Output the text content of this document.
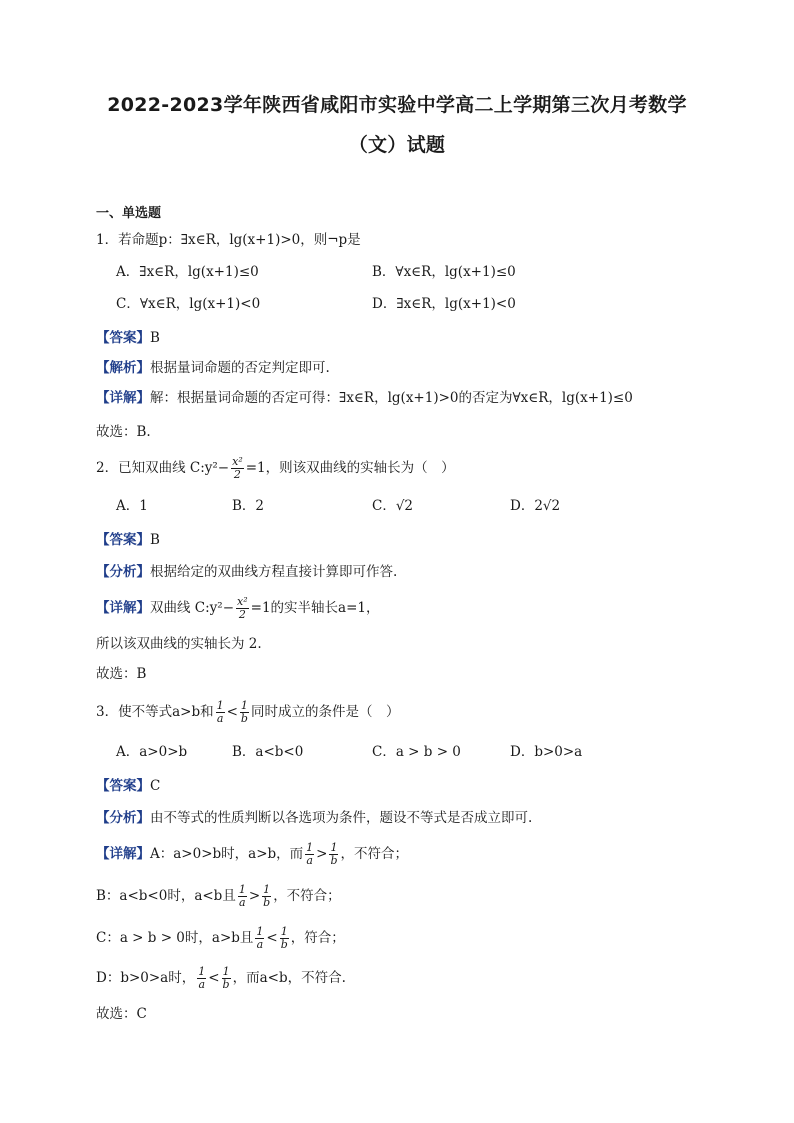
2022-2023学年陕西省咸阳市实验中学高二上学期第三次月考数学
（文）试题
一、单选题
1．若命题p：∃x∈R，lg(x+1)>0，则¬p是
A．∃x∈R，lg(x+1)≤0	B．∀x∈R，lg(x+1)≤0
C．∀x∈R，lg(x+1)<0	D．∃x∈R，lg(x+1)<0
【答案】B
【解析】根据量词命题的否定判定即可.
【详解】解：根据量词命题的否定可得：∃x∈R，lg(x+1)>0的否定为∀x∈R，lg(x+1)≤0
故选：B.
2．已知双曲线 C:y²− $\frac{\text{x²}}{2} =1$，则该双曲线的实轴长为（　）
A．1	B．2	C．√2	D．2√2
【答案】B
【分析】根据给定的双曲线方程直接计算即可作答.
【详解】双曲线 C:y²− $\frac{\text{x²}}{2} =1$的实半轴长a=1，
所以该双曲线的实轴长为 2.
故选：B
3．使不等式a>b和 $\frac{1}{a} < \frac{1}{b}$ 同时成立的条件是（　）
A．a>0>b	B．a<b<0	C．a > b > 0	D．b>0>a
【答案】C
【分析】由不等式的性质判断以各选项为条件，题设不等式是否成立即可.
【详解】A：a>0>b时，a>b，而 $\frac{1}{a} > \frac{1}{b}$ ，不符合；
B：a<b<0时，a<b且 $\frac{1}{a} > \frac{1}{b}$ ，不符合；
C：a > b > 0时，a>b且 $\frac{1}{a} < \frac{1}{b}$ ，符合；
D：b>0>a时， $\frac{1}{a} < \frac{1}{b}$ ，而a<b，不符合.
故选：C
